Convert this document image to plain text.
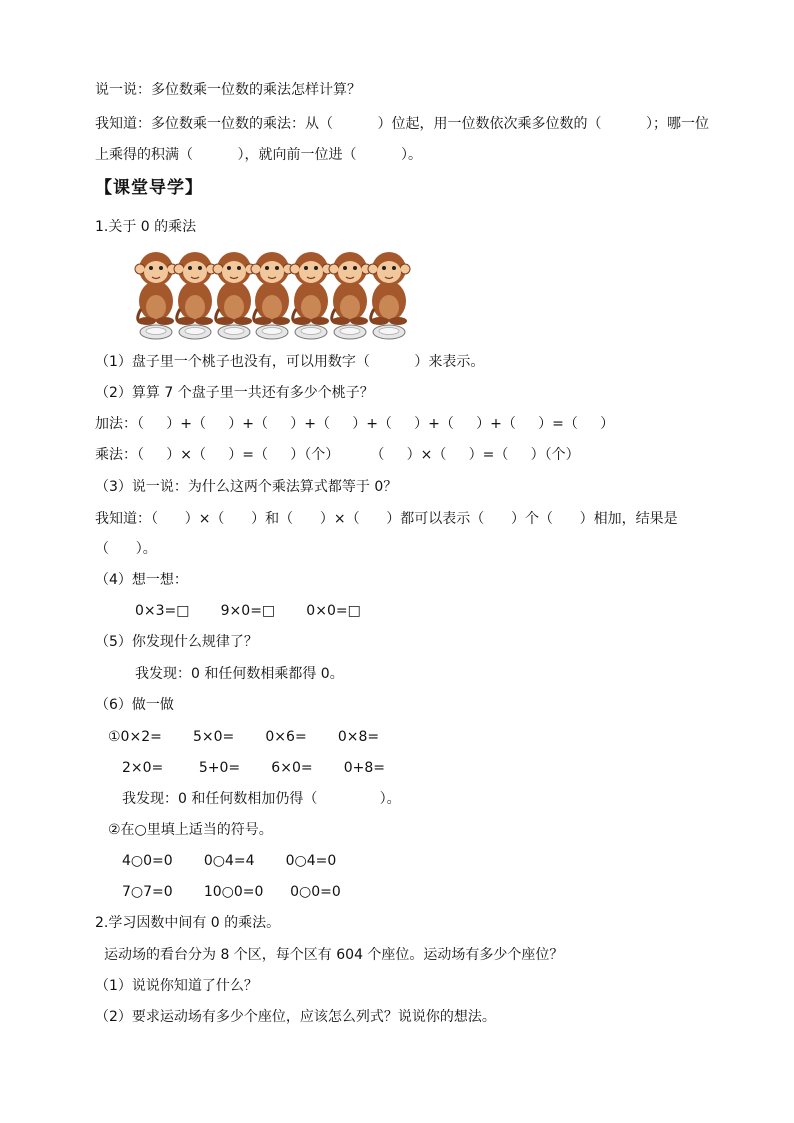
说一说：多位数乘一位数的乘法怎样计算？
我知道：多位数乘一位数的乘法：从（          ）位起，用一位数依次乘多位数的（          ）；哪一位
上乘得的积满（          ），就向前一位进（          ）。
【课堂导学】
1.关于 0 的乘法
（1）盘子里一个桃子也没有，可以用数字（          ）来表示。
（2）算算 7 个盘子里一共还有多少个桃子？
加法：（     ）+（     ）+（     ）+（     ）+（     ）+（     ）+（     ）=（     ）
乘法：（     ）×（     ）=（     ）（个）       （     ）×（     ）=（     ）（个）
（3）说一说：为什么这两个乘法算式都等于 0？
我知道：（      ）×（      ）和（      ）×（      ）都可以表示（      ）个（      ）相加，结果是
（      ）。
（4）想一想：
0×3=□       9×0=□       0×0=□
（5）你发现什么规律了？
我发现：0 和任何数相乘都得 0。
（6）做一做
①0×2=       5×0=       0×6=       0×8=
2×0=        5+0=       6×0=       0+8=
我发现：0 和任何数相加仍得（              ）。
②在○里填上适当的符号。
4○0=0       0○4=4       0○4=0
7○7=0       10○0=0      0○0=0
2.学习因数中间有 0 的乘法。
运动场的看台分为 8 个区，每个区有 604 个座位。运动场有多少个座位？
（1）说说你知道了什么？
（2）要求运动场有多少个座位，应该怎么列式？说说你的想法。
